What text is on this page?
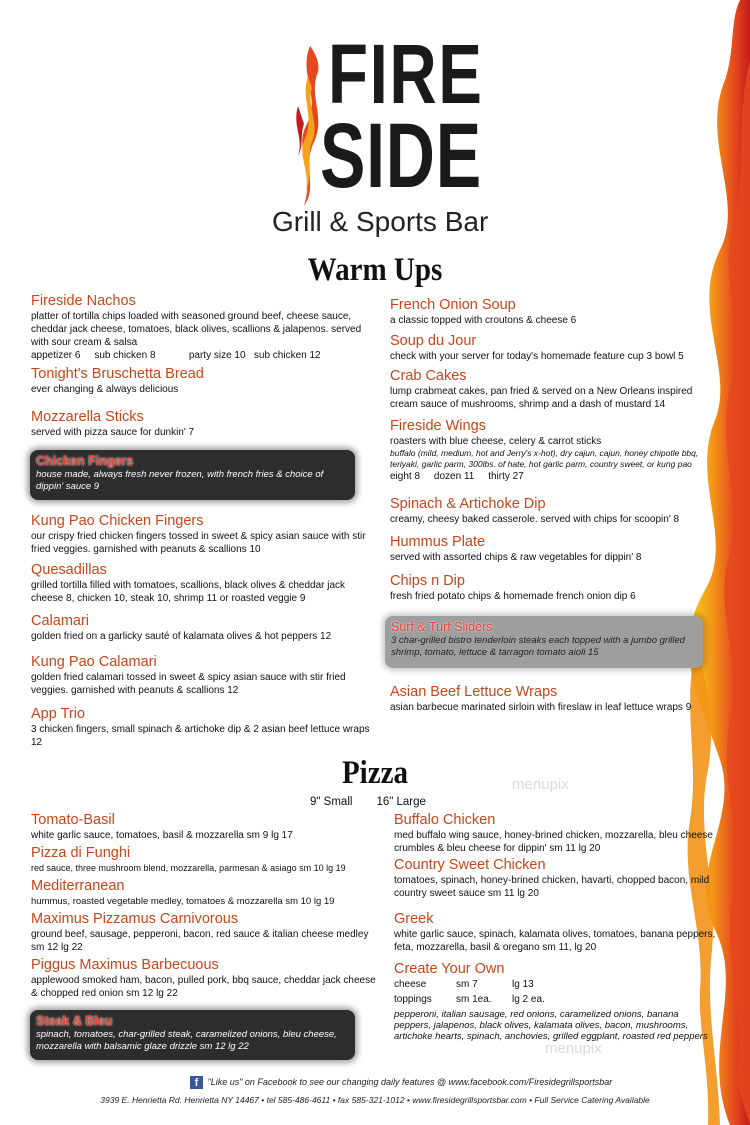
FIRE
SIDE
Grill & Sports Bar
Warm Ups
Fireside Nachos
platter of tortilla chips loaded with seasoned ground beef, cheese sauce, cheddar jack cheese, tomatoes, black olives, scallions & jalapenos. served with sour cream & salsa
appetizer 6     sub chicken 8            party size 10   sub chicken 12
Tonight's Bruschetta Bread
ever changing & always delicious
Mozzarella Sticks
served with pizza sauce for dunkin' 7
Chicken Fingers
house made, always fresh never frozen, with french fries & choice of dippin' sauce 9
Kung Pao Chicken Fingers
our crispy fried chicken fingers tossed in sweet & spicy asian sauce with stir fried veggies. garnished with peanuts & scallions 10
Quesadillas
grilled tortilla filled with tomatoes, scallions, black olives & cheddar jack cheese 8, chicken 10, steak 10, shrimp 11 or roasted veggie 9
Calamari
golden fried on a garlicky sauté of kalamata olives & hot peppers 12
Kung Pao Calamari
golden fried calamari tossed in sweet & spicy asian sauce with stir fried veggies. garnished with peanuts & scallions 12
App Trio
3 chicken fingers, small spinach & artichoke dip & 2 asian beef lettuce wraps 12
French Onion Soup
a classic topped with croutons & cheese 6
Soup du Jour
check with your server for today's homemade feature cup 3 bowl 5
Crab Cakes
lump crabmeat cakes, pan fried & served on a New Orleans inspired cream sauce of mushrooms, shrimp and a dash of mustard 14
Fireside Wings
roasters with blue cheese, celery & carrot sticks
buffalo (mild, medium, hot and Jerry's x-hot), dry cajun, cajun, honey chipotle bbq, teriyaki, garlic parm, 300lbs. of hate, hot garlic parm, country sweet, or kung pao
eight 8     dozen 11     thirty 27
Spinach & Artichoke Dip
creamy, cheesy baked casserole. served with chips for scoopin' 8
Hummus Plate
served with assorted chips & raw vegetables for dippin' 8
Chips n Dip
fresh fried potato chips & homemade french onion dip 6
Surf & Turf Sliders
3 char-grilled bistro tenderloin steaks each topped with a jumbo grilled shrimp, tomato, lettuce & tarragon tomato aioli 15
Asian Beef Lettuce Wraps
asian barbecue marinated sirloin with fireslaw in leaf lettuce wraps 9
Pizza
9" Small 16" Large
Tomato-Basil
white garlic sauce, tomatoes, basil & mozzarella sm 9 lg 17
Pizza di Funghi
red sauce, three mushroom blend, mozzarella, parmesan & asiago sm 10 lg 19
Mediterranean
hummus, roasted vegetable medley, tomatoes & mozzarella sm 10 lg 19
Maximus Pizzamus Carnivorous
ground beef, sausage, pepperoni, bacon, red sauce & italian cheese medley sm 12 lg 22
Piggus Maximus Barbecuous
applewood smoked ham, bacon, pulled pork, bbq sauce, cheddar jack cheese & chopped red onion sm 12 lg 22
Steak & Bleu
spinach, tomatoes, char-grilled steak, caramelized onions, bleu cheese, mozzarella with balsamic glaze drizzle sm 12 lg 22
Buffalo Chicken
med buffalo wing sauce, honey-brined chicken, mozzarella, bleu cheese crumbles & bleu cheese for dippin' sm 11 lg 20
Country Sweet Chicken
tomatoes, spinach, honey-brined chicken, havarti, chopped bacon, mild country sweet sauce sm 11 lg 20
Greek
white garlic sauce, spinach, kalamata olives, tomatoes, banana peppers, feta, mozzarella, basil & oregano sm 11, lg 20
Create Your Own
cheese	sm 7	lg 13
toppings	sm 1ea.	lg 2 ea.
pepperoni, italian sausage, red onions, caramelized onions, banana peppers, jalapenos, black olives, kalamata olives, bacon, mushrooms, artichoke hearts, spinach, anchovies, grilled eggplant, roasted red peppers
menupix
menupix
f "Like us" on Facebook to see our changing daily features @ www.facebook.com/Firesidegrillsportsbar
3939 E. Henrietta Rd. Henrietta NY 14467 • tel 585-486-4611 • fax 585-321-1012 • www.firesidegrillsportsbar.com • Full Service Catering Available
